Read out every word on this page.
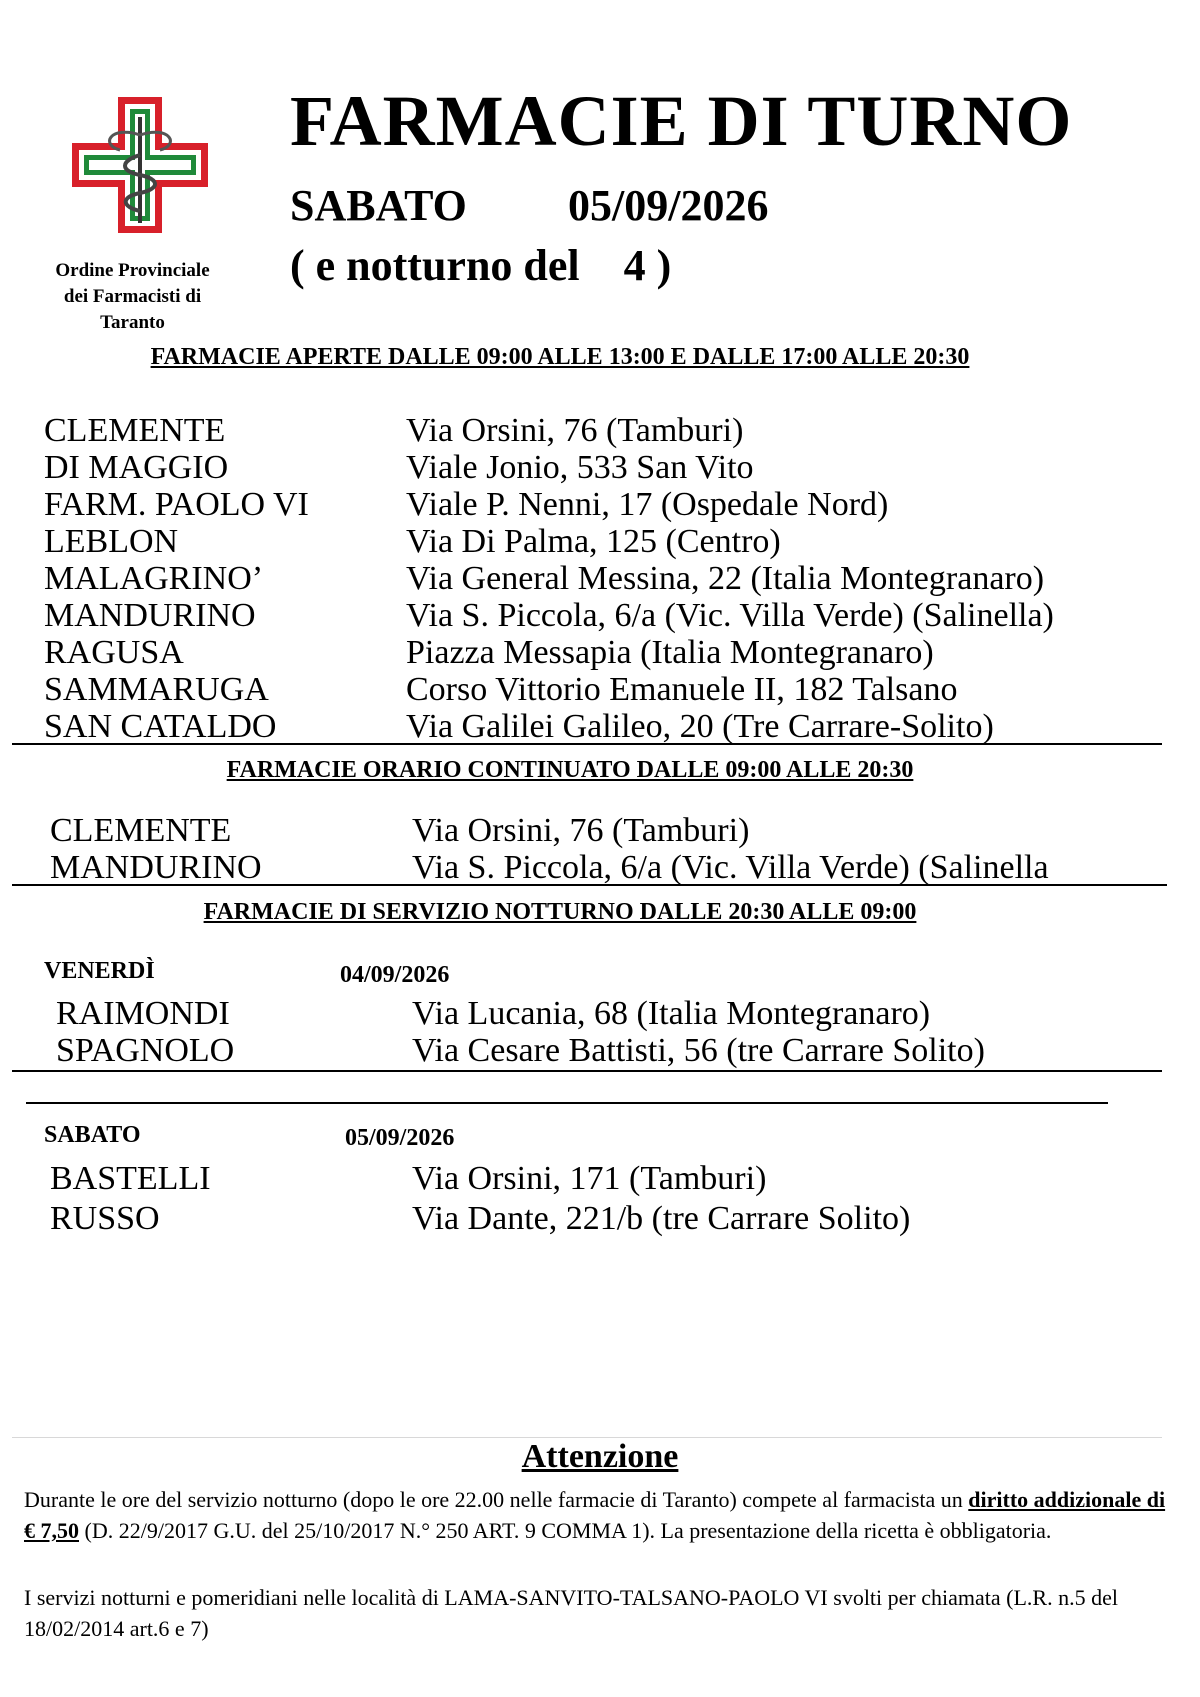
Ordine Provinciale
dei Farmacisti di
Taranto
FARMACIE DI TURNO
SABATO 05/09/2026
( e notturno del    4 )
FARMACIE APERTE DALLE 09:00 ALLE 13:00 E DALLE 17:00 ALLE 20:30
CLEMENTE	Via Orsini, 76 (Tamburi)
DI MAGGIO	Viale Jonio, 533 San Vito
FARM. PAOLO VI	Viale P. Nenni, 17 (Ospedale Nord)
LEBLON	Via Di Palma, 125 (Centro)
MALAGRINO’	Via General Messina, 22 (Italia Montegranaro)
MANDURINO	Via S. Piccola, 6/a (Vic. Villa Verde) (Salinella)
RAGUSA	Piazza Messapia (Italia Montegranaro)
SAMMARUGA	Corso Vittorio Emanuele II, 182 Talsano
SAN CATALDO	Via Galilei Galileo, 20 (Tre Carrare-Solito)
FARMACIE ORARIO CONTINUATO DALLE 09:00 ALLE 20:30
CLEMENTE	Via Orsini, 76 (Tamburi)
MANDURINO	Via S. Piccola, 6/a (Vic. Villa Verde) (Salinella
FARMACIE DI SERVIZIO NOTTURNO DALLE 20:30 ALLE 09:00
VENERDÌ	04/09/2026
RAIMONDI	Via Lucania, 68 (Italia Montegranaro)
SPAGNOLO	Via Cesare Battisti, 56 (tre Carrare Solito)
SABATO	05/09/2026
BASTELLI	Via Orsini, 171 (Tamburi)
RUSSO	Via Dante, 221/b (tre Carrare Solito)
Attenzione
Durante le ore del servizio notturno (dopo le ore 22.00 nelle farmacie di Taranto) compete al farmacista un diritto addizionale di € 7,50 (D. 22/9/2017 G.U. del 25/10/2017 N.° 250 ART. 9 COMMA 1). La presentazione della ricetta è obbligatoria.
I servizi notturni e pomeridiani nelle località di LAMA-SANVITO-TALSANO-PAOLO VI svolti per chiamata (L.R. n.5 del 18/02/2014 art.6 e 7)
